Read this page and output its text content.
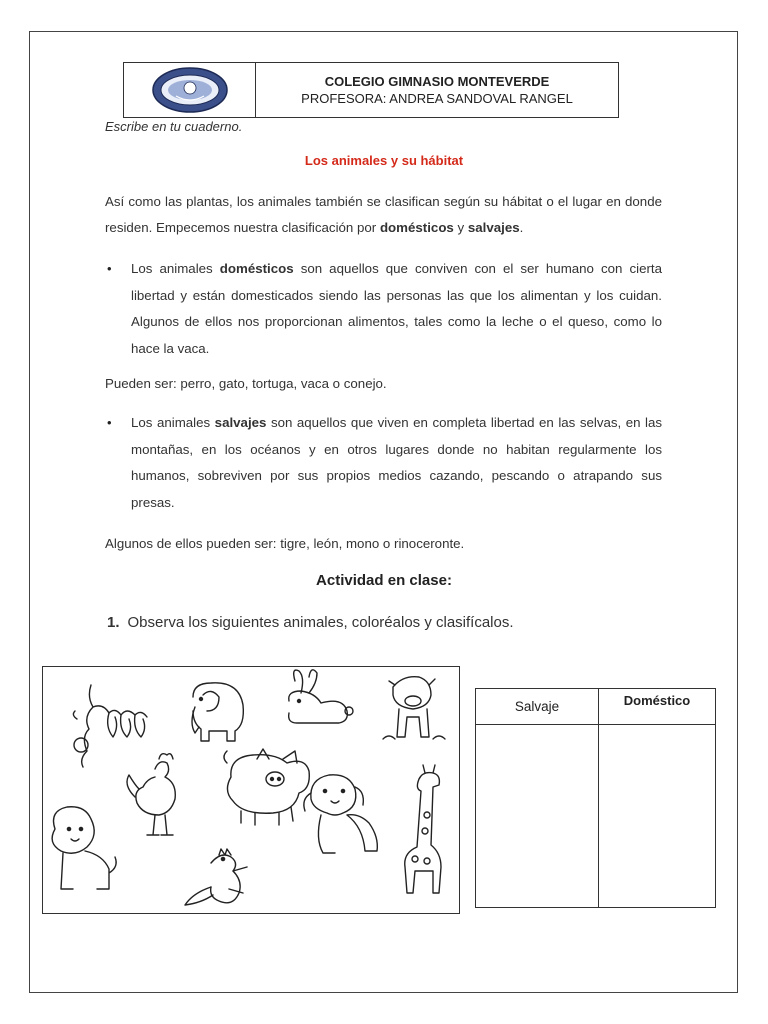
COLEGIO GIMNASIO MONTEVERDE
PROFESORA: ANDREA SANDOVAL RANGEL
Escribe en tu cuaderno.
Los animales y su hábitat
Así como las plantas, los animales también se clasifican según su hábitat o el lugar en donde residen. Empecemos nuestra clasificación por domésticos y salvajes.
•	Los animales domésticos son aquellos que conviven con el ser humano con cierta libertad y están domesticados siendo las personas las que los alimentan y los cuidan. Algunos de ellos nos proporcionan alimentos, tales como la leche o el queso, como lo hace la vaca.
Pueden ser: perro, gato, tortuga, vaca o conejo.
•	Los animales salvajes son aquellos que viven en completa libertad en las selvas, en las montañas, en los océanos y en otros lugares donde no habitan regularmente los humanos, sobreviven por sus propios medios cazando, pescando o atrapando sus presas.
Algunos de ellos pueden ser: tigre, león, mono o rinoceronte.
Actividad en clase:
1. Observa los siguientes animales, coloréalos y clasifícalos.
Salvaje	Doméstico
